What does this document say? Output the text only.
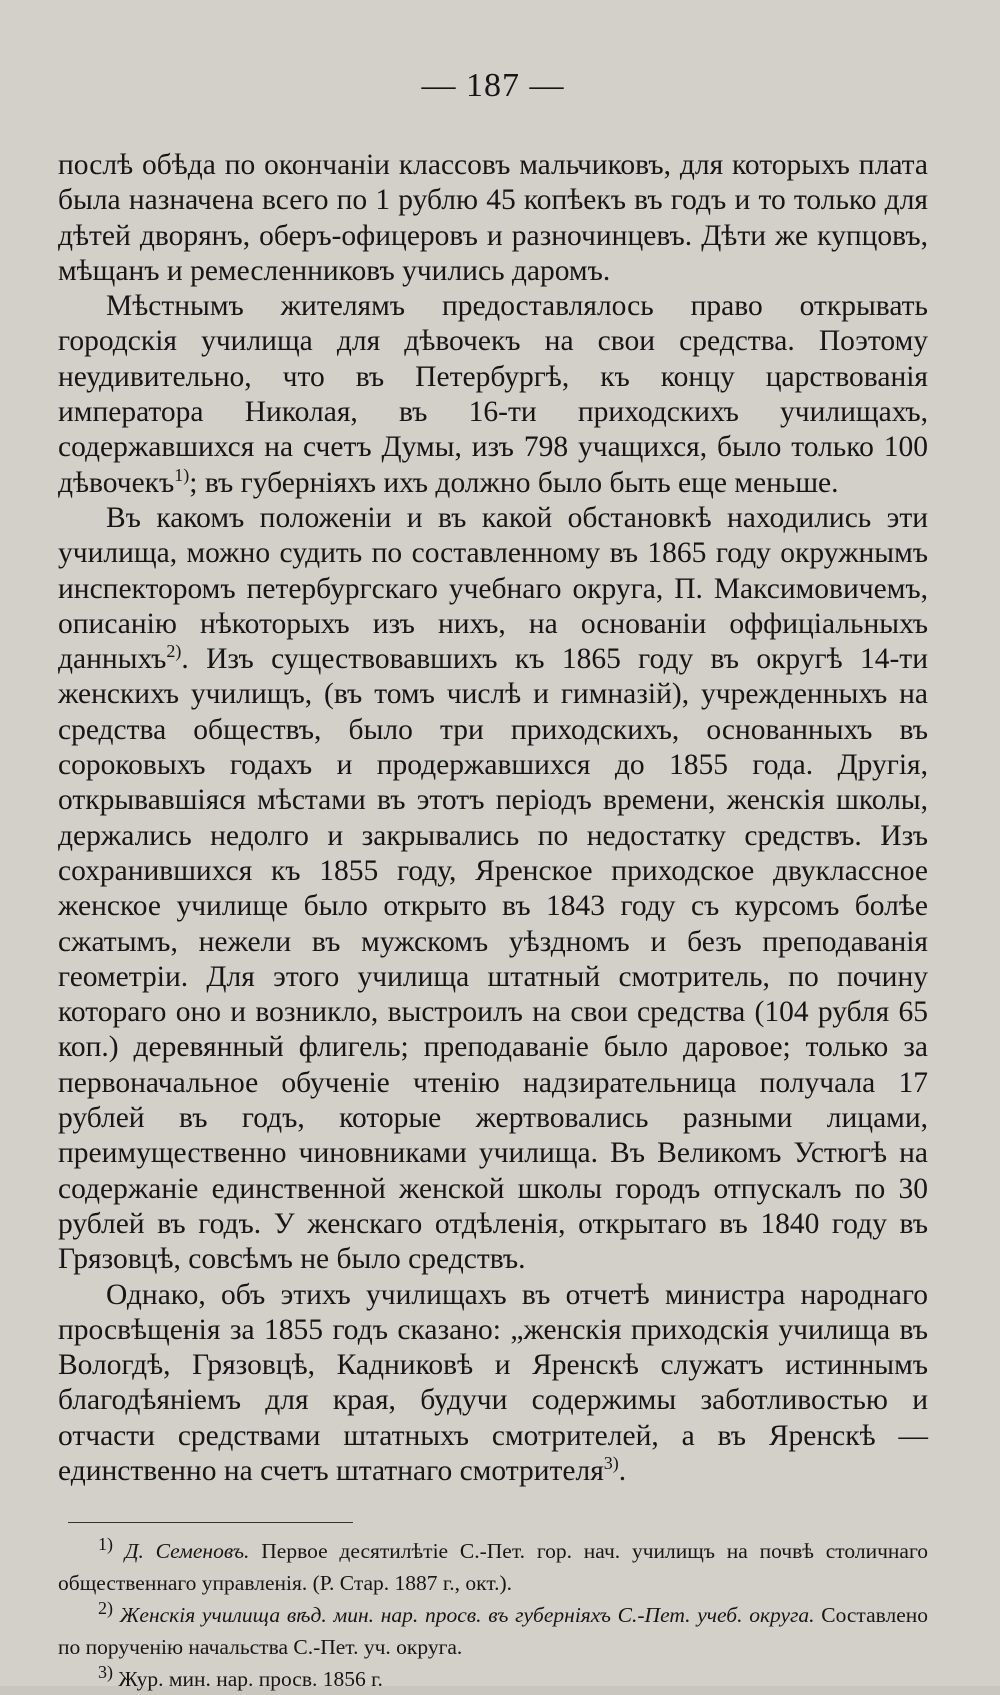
— 187 —

послѣ обѣда по окончаніи классовъ мальчиковъ, для которыхъ плата была назначена всего по 1 рублю 45 копѣекъ въ годъ и то только для дѣтей дворянъ, оберъ-офицеровъ и разночинцевъ. Дѣти же купцовъ, мѣщанъ и ремесленниковъ учились даромъ.

Мѣстнымъ жителямъ предоставлялось право открывать городскія училища для дѣвочекъ на свои средства. Поэтому неудивительно, что въ Петербургѣ, къ концу царствованія императора Николая, въ 16-ти приходскихъ училищахъ, содержавшихся на счетъ Думы, изъ 798 учащихся, было только 100 дѣвочекъ$^{1)}$; въ губерніяхъ ихъ должно было быть еще меньше.

Въ какомъ положеніи и въ какой обстановкѣ находились эти училища, можно судить по составленному въ 1865 году окружнымъ инспекторомъ петербургскаго учебнаго округа, П. Максимовичемъ, описанію нѣкоторыхъ изъ нихъ, на основаніи оффиціальныхъ данныхъ$^{2)}$. Изъ существовавшихъ къ 1865 году въ округѣ 14-ти женскихъ училищъ, (въ томъ числѣ и гимназій), учрежденныхъ на средства обществъ, было три приходскихъ, основанныхъ въ сороковыхъ годахъ и продержавшихся до 1855 года. Другія, открывавшіяся мѣстами въ этотъ періодъ времени, женскія школы, держались недолго и закрывались по недостатку средствъ. Изъ сохранившихся къ 1855 году, Яренское приходское двуклассное женское училище было открыто въ 1843 году съ курсомъ болѣе сжатымъ, нежели въ мужскомъ уѣздномъ и безъ преподаванія геометріи. Для этого училища штатный смотритель, по почину котораго оно и возникло, выстроилъ на свои средства (104 рубля 65 коп.) деревянный флигель; преподаваніе было даровое; только за первоначальное обученіе чтенію надзирательница получала 17 рублей въ годъ, которые жертвовались разными лицами, преимущественно чиновниками училища. Въ Великомъ Устюгѣ на содержаніе единственной женской школы городъ отпускалъ по 30 рублей въ годъ. У женскаго отдѣленія, открытаго въ 1840 году въ Грязовцѣ, совсѣмъ не было средствъ.

Однако, объ этихъ училищахъ въ отчетѣ министра народнаго просвѣщенія за 1855 годъ сказано: „женскія приходскія училища въ Вологдѣ, Грязовцѣ, Кадниковѣ и Яренскѣ служатъ истиннымъ благодѣяніемъ для края, будучи содержимы заботливостью и отчасти средствами штатныхъ смотрителей, а въ Яренскѣ — единственно на счетъ штатнаго смотрителя$^{3)}$.

$^{1)}$ Д. Семеновъ. Первое десятилѣтіе С.-Пет. гор. нач. училищъ на почвѣ столичнаго общественнаго управленія. (Р. Стар. 1887 г., окт.).

$^{2)}$ Женскія училища вѣд. мин. нар. просв. въ губерніяхъ С.-Пет. учеб. округа. Составлено по порученію начальства С.-Пет. уч. округа.

$^{3)}$ Жур. мин. нар. просв. 1856 г.
